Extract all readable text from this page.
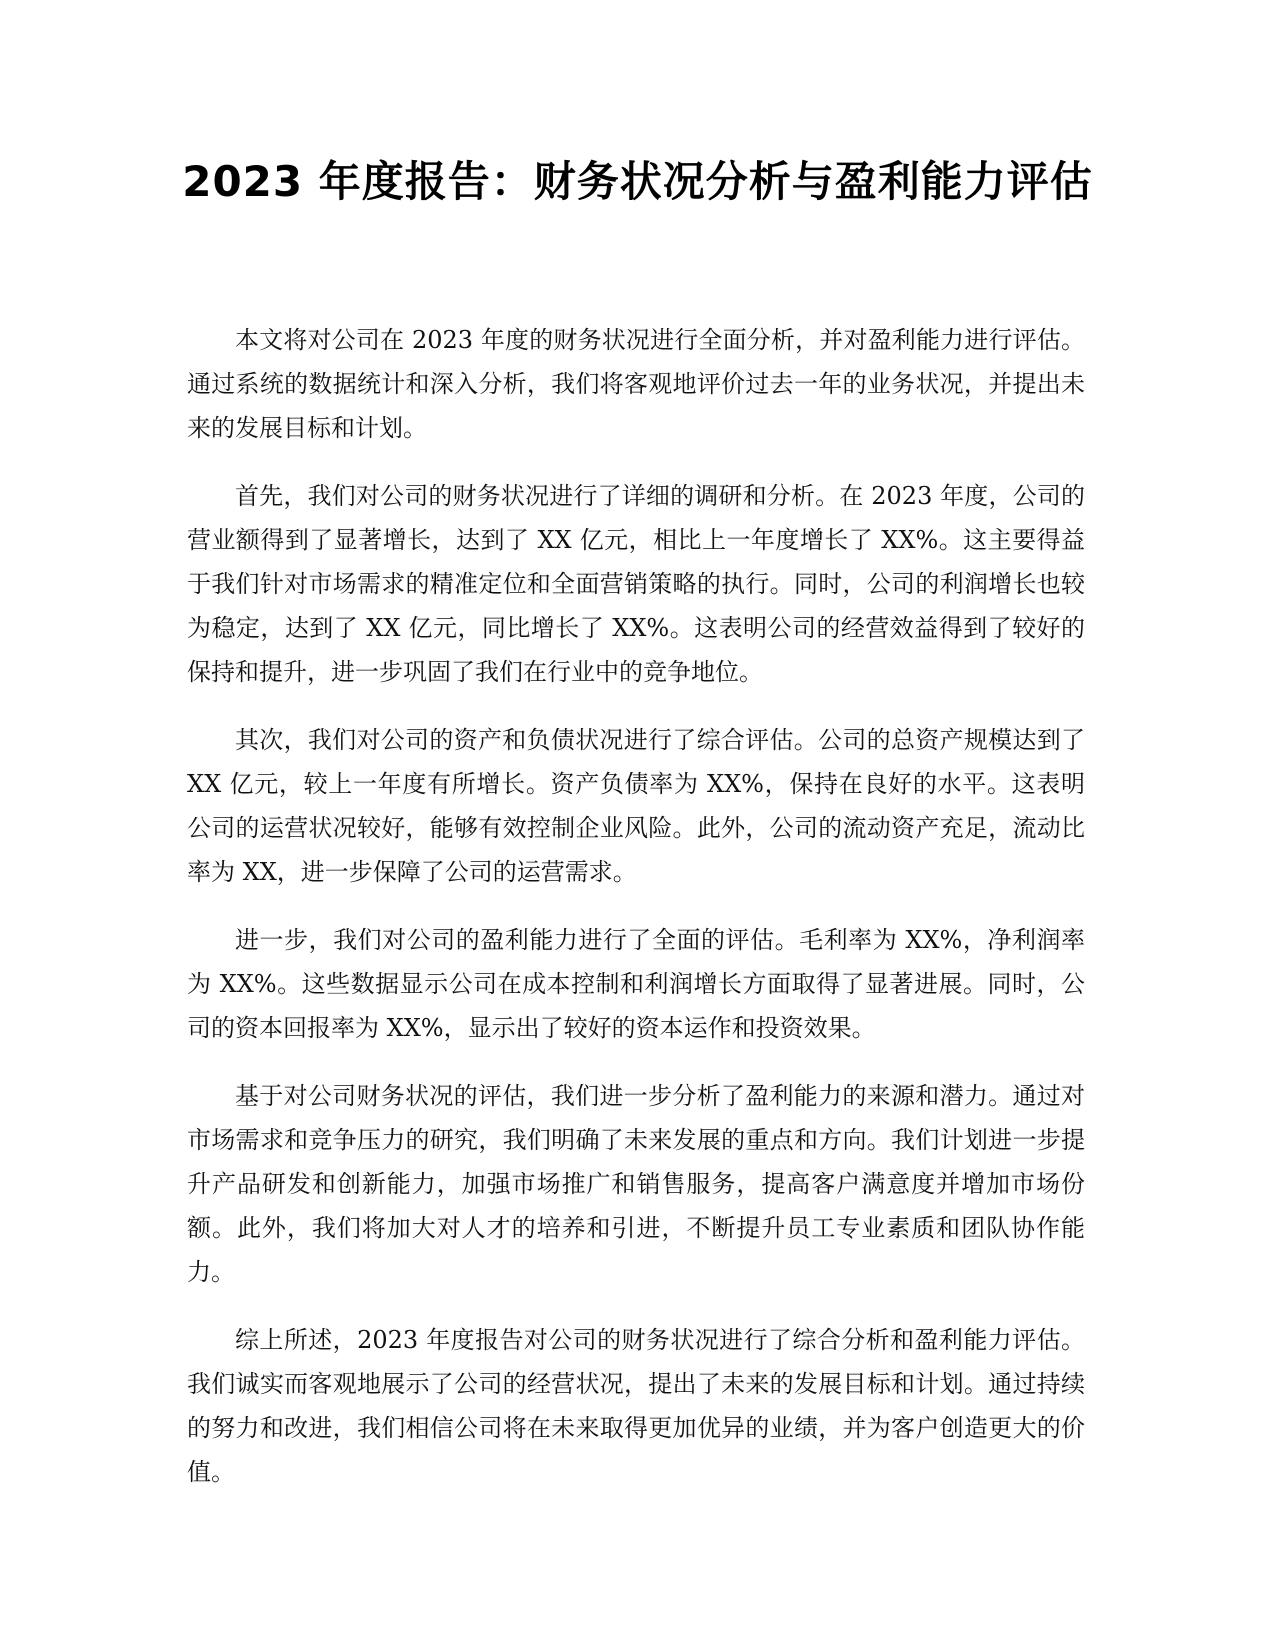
2023 年度报告：财务状况分析与盈利能力评估

本文将对公司在 2023 年度的财务状况进行全面分析，并对盈利能力进行评估。通过系统的数据统计和深入分析，我们将客观地评价过去一年的业务状况，并提出未来的发展目标和计划。

首先，我们对公司的财务状况进行了详细的调研和分析。在 2023 年度，公司的营业额得到了显著增长，达到了 XX 亿元，相比上一年度增长了 XX%。这主要得益于我们针对市场需求的精准定位和全面营销策略的执行。同时，公司的利润增长也较为稳定，达到了 XX 亿元，同比增长了 XX%。这表明公司的经营效益得到了较好的保持和提升，进一步巩固了我们在行业中的竞争地位。

其次，我们对公司的资产和负债状况进行了综合评估。公司的总资产规模达到了 XX 亿元，较上一年度有所增长。资产负债率为 XX%，保持在良好的水平。这表明公司的运营状况较好，能够有效控制企业风险。此外，公司的流动资产充足，流动比率为 XX，进一步保障了公司的运营需求。

进一步，我们对公司的盈利能力进行了全面的评估。毛利率为 XX%，净利润率为 XX%。这些数据显示公司在成本控制和利润增长方面取得了显著进展。同时，公司的资本回报率为 XX%，显示出了较好的资本运作和投资效果。

基于对公司财务状况的评估，我们进一步分析了盈利能力的来源和潜力。通过对市场需求和竞争压力的研究，我们明确了未来发展的重点和方向。我们计划进一步提升产品研发和创新能力，加强市场推广和销售服务，提高客户满意度并增加市场份额。此外，我们将加大对人才的培养和引进，不断提升员工专业素质和团队协作能力。

综上所述，2023 年度报告对公司的财务状况进行了综合分析和盈利能力评估。我们诚实而客观地展示了公司的经营状况，提出了未来的发展目标和计划。通过持续的努力和改进，我们相信公司将在未来取得更加优异的业绩，并为客户创造更大的价值。
